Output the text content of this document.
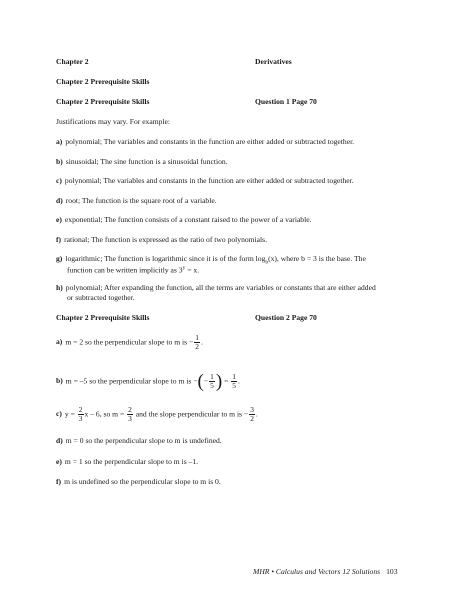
Chapter 2	Derivatives
Chapter 2 Prerequisite Skills
Chapter 2 Prerequisite Skills	Question 1 Page 70
Justifications may vary. For example:
a) polynomial; The variables and constants in the function are either added or subtracted together.
b) sinusoidal; The sine function is a sinusoidal function.
c) polynomial; The variables and constants in the function are either added or subtracted together.
d) root; The function is the square root of a variable.
e) exponential; The function consists of a constant raised to the power of a variable.
f) rational; The function is expressed as the ratio of two polynomials.
g) logarithmic; The function is logarithmic since it is of the form $\log_b(x)$, where b = 3 is the base. The
function can be written implicitly as $3^y = x$.
h) polynomial; After expanding the function, all the terms are variables or constants that are either added
or subtracted together.
Chapter 2 Prerequisite Skills	Question 2 Page 70
a) m = 2 so the perpendicular slope to m is − $\frac{1}{2}$ .
b) m = –5 so the perpendicular slope to m is −(− $\frac{1}{5}$ ) = $\frac{1}{5}$ .
c) $y = \frac{2}{3}$ x – 6, so $m = \frac{2}{3}$ and the slope perpendicular to m is − $\frac{3}{2}$ .
d) m = 0 so the perpendicular slope to m is undefined.
e) m = 1 so the perpendicular slope to m is –1.
f) m is undefined so the perpendicular slope to m is 0.
MHR • Calculus and Vectors 12 Solutions 103
